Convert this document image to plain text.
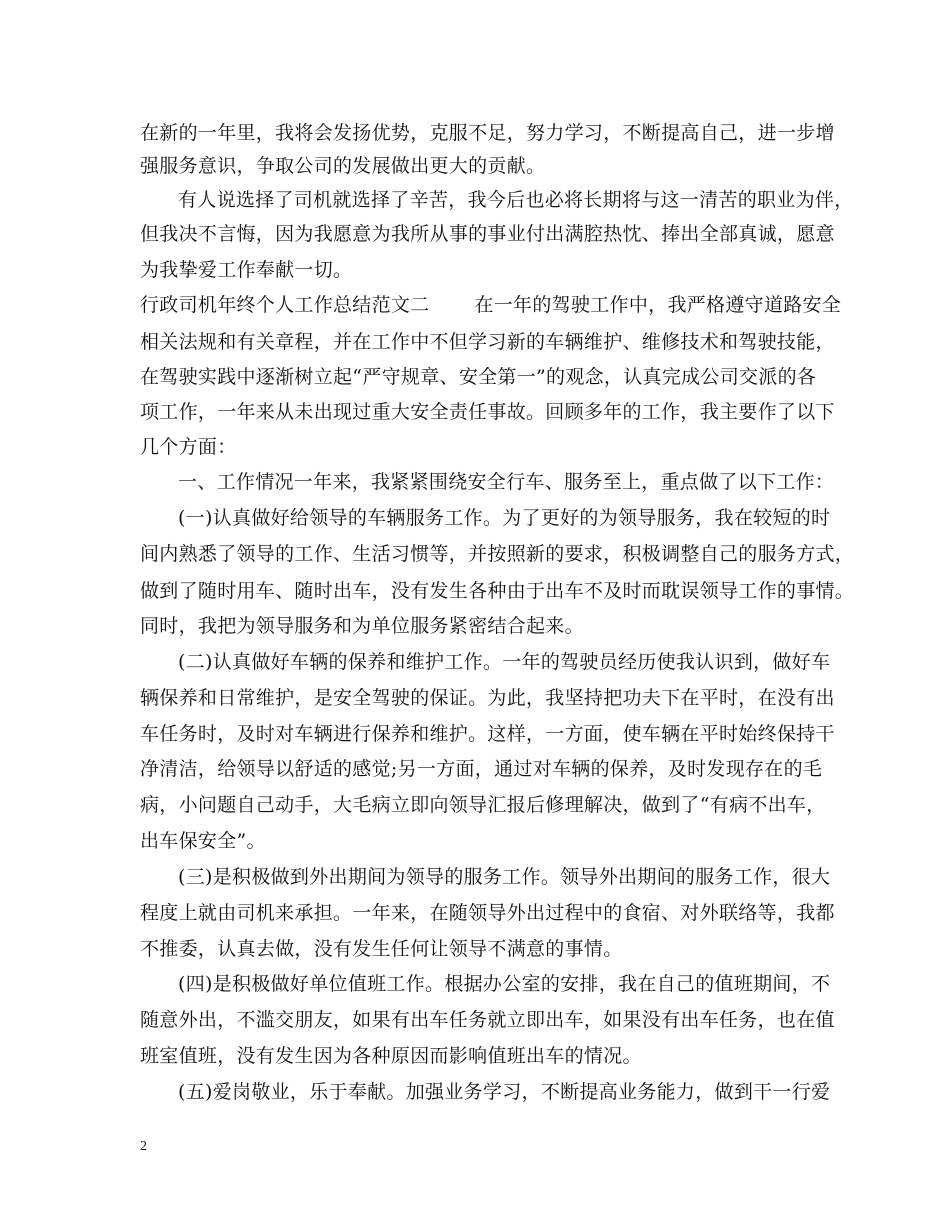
在新的一年里，我将会发扬优势，克服不足，努力学习，不断提高自己，进一步增
强服务意识，争取公司的发展做出更大的贡献。
有人说选择了司机就选择了辛苦，我今后也必将长期将与这一清苦的职业为伴，
但我决不言悔，因为我愿意为我所从事的事业付出满腔热忱、捧出全部真诚，愿意
为我挚爱工作奉献一切。
行政司机年终个人工作总结范文二 　　在一年的驾驶工作中，我严格遵守道路安全
相关法规和有关章程，并在工作中不但学习新的车辆维护、维修技术和驾驶技能，
在驾驶实践中逐渐树立起“严守规章、安全第一”的观念，认真完成公司交派的各
项工作，一年来从未出现过重大安全责任事故。回顾多年的工作，我主要作了以下
几个方面：
一、工作情况一年来，我紧紧围绕安全行车、服务至上，重点做了以下工作：
(一)认真做好给领导的车辆服务工作。为了更好的为领导服务，我在较短的时
间内熟悉了领导的工作、生活习惯等，并按照新的要求，积极调整自己的服务方式，
做到了随时用车、随时出车，没有发生各种由于出车不及时而耽误领导工作的事情。
同时，我把为领导服务和为单位服务紧密结合起来。
(二)认真做好车辆的保养和维护工作。一年的驾驶员经历使我认识到，做好车
辆保养和日常维护，是安全驾驶的保证。为此，我坚持把功夫下在平时，在没有出
车任务时，及时对车辆进行保养和维护。这样，一方面，使车辆在平时始终保持干
净清洁，给领导以舒适的感觉;另一方面，通过对车辆的保养，及时发现存在的毛
病，小问题自己动手，大毛病立即向领导汇报后修理解决，做到了“有病不出车，
出车保安全”。
(三)是积极做到外出期间为领导的服务工作。领导外出期间的服务工作，很大
程度上就由司机来承担。一年来，在随领导外出过程中的食宿、对外联络等，我都
不推委，认真去做，没有发生任何让领导不满意的事情。
(四)是积极做好单位值班工作。根据办公室的安排，我在自己的值班期间，不
随意外出，不滥交朋友，如果有出车任务就立即出车，如果没有出车任务，也在值
班室值班，没有发生因为各种原因而影响值班出车的情况。
(五)爱岗敬业，乐于奉献。加强业务学习，不断提高业务能力，做到干一行爱
2
